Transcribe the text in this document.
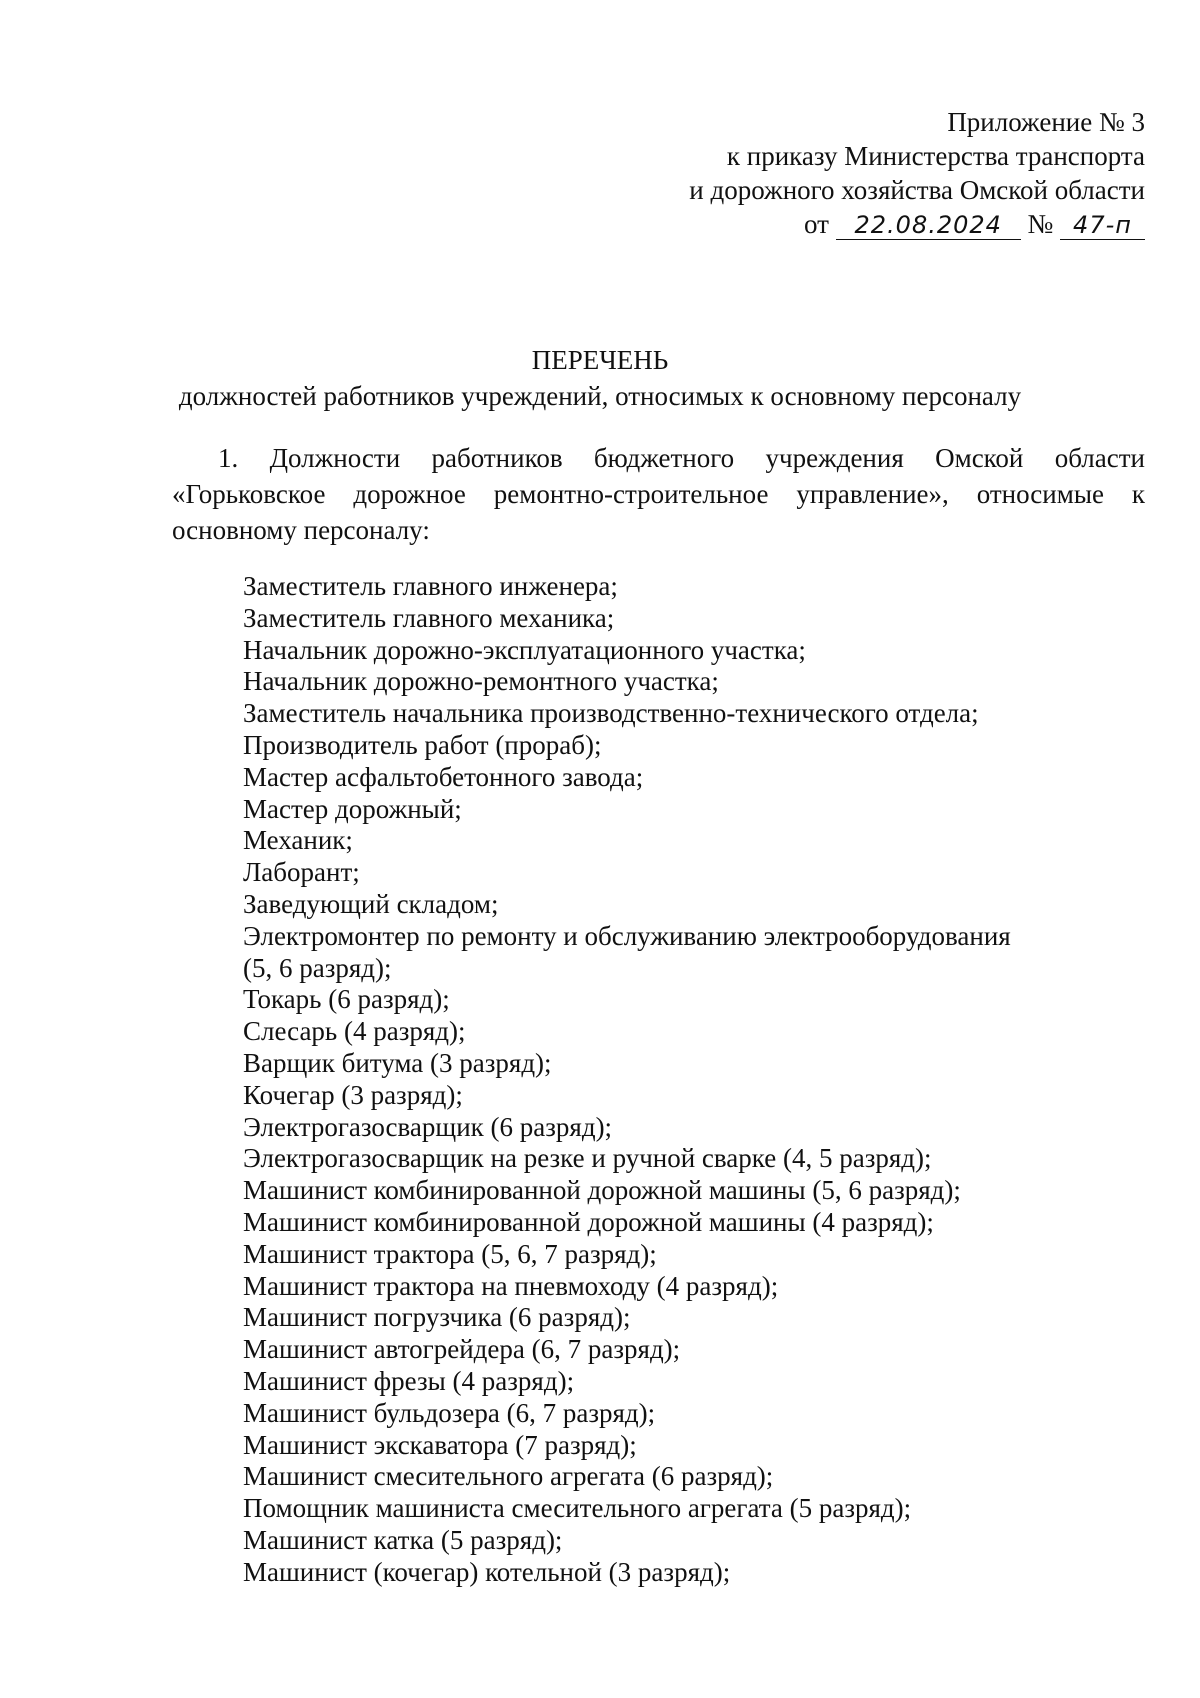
Приложение № 3
к приказу Министерства транспорта
и дорожного хозяйства Омской области
от 22.08.2024 № 47-п
ПЕРЕЧЕНЬ
должностей работников учреждений, относимых к основному персоналу
1. Должности работников бюджетного учреждения Омской области «Горьковское дорожное ремонтно-строительное управление», относимые к основному персоналу:
Заместитель главного инженера;
Заместитель главного механика;
Начальник дорожно-эксплуатационного участка;
Начальник дорожно-ремонтного участка;
Заместитель начальника производственно-технического отдела;
Производитель работ (прораб);
Мастер асфальтобетонного завода;
Мастер дорожный;
Механик;
Лаборант;
Заведующий складом;
Электромонтер по ремонту и обслуживанию электрооборудования
(5, 6 разряд);
Токарь (6 разряд);
Слесарь (4 разряд);
Варщик битума (3 разряд);
Кочегар (3 разряд);
Электрогазосварщик (6 разряд);
Электрогазосварщик на резке и ручной сварке (4, 5 разряд);
Машинист комбинированной дорожной машины (5, 6 разряд);
Машинист комбинированной дорожной машины (4 разряд);
Машинист трактора (5, 6, 7 разряд);
Машинист трактора на пневмоходу (4 разряд);
Машинист погрузчика (6 разряд);
Машинист автогрейдера (6, 7 разряд);
Машинист фрезы (4 разряд);
Машинист бульдозера (6, 7 разряд);
Машинист экскаватора (7 разряд);
Машинист смесительного агрегата (6 разряд);
Помощник машиниста смесительного агрегата (5 разряд);
Машинист катка (5 разряд);
Машинист (кочегар) котельной (3 разряд);
